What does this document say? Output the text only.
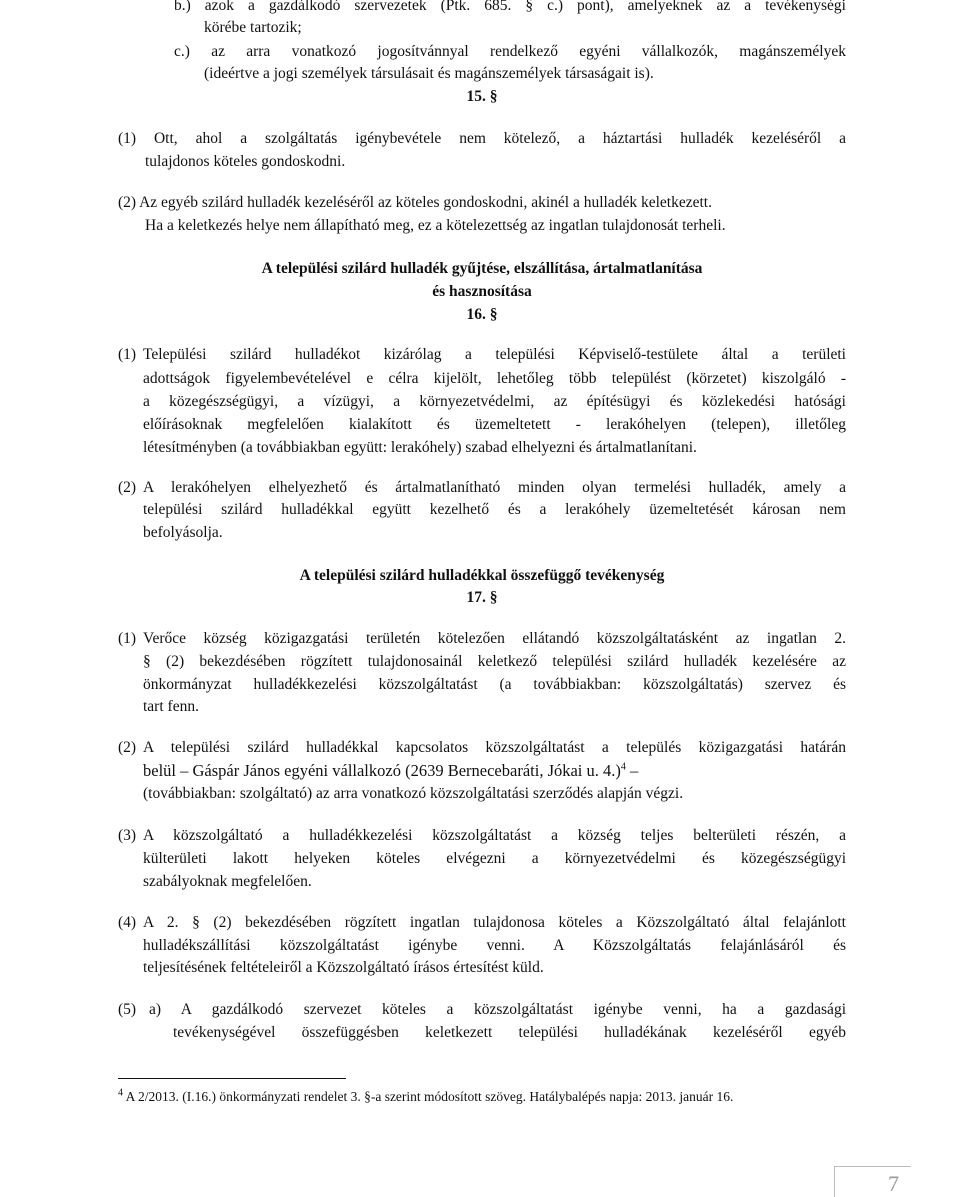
b.) azok a gazdálkodó szervezetek (Ptk. 685. § c.) pont), amelyeknek az a tevékenységi
körébe tartozik;
c.) az arra vonatkozó jogosítvánnyal rendelkező egyéni vállalkozók, magánszemélyek
(ideértve a jogi személyek társulásait és magánszemélyek társaságait is).
15. §
(1) Ott, ahol a szolgáltatás igénybevétele nem kötelező, a háztartási hulladék kezeléséről a
tulajdonos köteles gondoskodni.
(2) Az egyéb szilárd hulladék kezeléséről az köteles gondoskodni, akinél a hulladék keletkezett.
Ha a keletkezés helye nem állapítható meg, ez a kötelezettség az ingatlan tulajdonosát terheli.
A települési szilárd hulladék gyűjtése, elszállítása, ártalmatlanítása
és hasznosítása
16. §
(1) Települési szilárd hulladékot kizárólag a települési Képviselő-testülete által a területi
adottságok figyelembevételével e célra kijelölt, lehetőleg több települést (körzetet) kiszolgáló -
a közegészségügyi, a vízügyi, a környezetvédelmi, az építésügyi és közlekedési hatósági
előírásoknak megfelelően kialakított és üzemeltetett - lerakóhelyen (telepen), illetőleg
létesítményben (a továbbiakban együtt: lerakóhely) szabad elhelyezni és ártalmatlanítani.
(2) A lerakóhelyen elhelyezhető és ártalmatlanítható minden olyan termelési hulladék, amely a
települési szilárd hulladékkal együtt kezelhető és a lerakóhely üzemeltetését károsan nem
befolyásolja.
A települési szilárd hulladékkal összefüggő tevékenység
17. §
(1) Verőce község közigazgatási területén kötelezően ellátandó közszolgáltatásként az ingatlan 2.
§ (2) bekezdésében rögzített tulajdonosainál keletkező települési szilárd hulladék kezelésére az
önkormányzat hulladékkezelési közszolgáltatást (a továbbiakban: közszolgáltatás) szervez és
tart fenn.
(2) A települési szilárd hulladékkal kapcsolatos közszolgáltatást a település közigazgatási határán
belül – Gáspár János egyéni vállalkozó (2639 Bernecebaráti, Jókai u. 4.)$^4$ –
(továbbiakban: szolgáltató) az arra vonatkozó közszolgáltatási szerződés alapján végzi.
(3) A közszolgáltató a hulladékkezelési közszolgáltatást a község teljes belterületi részén, a
külterületi lakott helyeken köteles elvégezni a környezetvédelmi és közegészségügyi
szabályoknak megfelelően.
(4) A 2. § (2) bekezdésében rögzített ingatlan tulajdonosa köteles a Közszolgáltató által felajánlott
hulladékszállítási közszolgáltatást igénybe venni. A Közszolgáltatás felajánlásáról és
teljesítésének feltételeiről a Közszolgáltató írásos értesítést küld.
(5) a) A gazdálkodó szervezet köteles a közszolgáltatást igénybe venni, ha a gazdasági
tevékenységével összefüggésben keletkezett települési hulladékának kezeléséről egyéb
$^4$ A 2/2013. (I.16.) önkormányzati rendelet 3. §-a szerint módosított szöveg. Hatálybalépés napja: 2013. január 16.
7
